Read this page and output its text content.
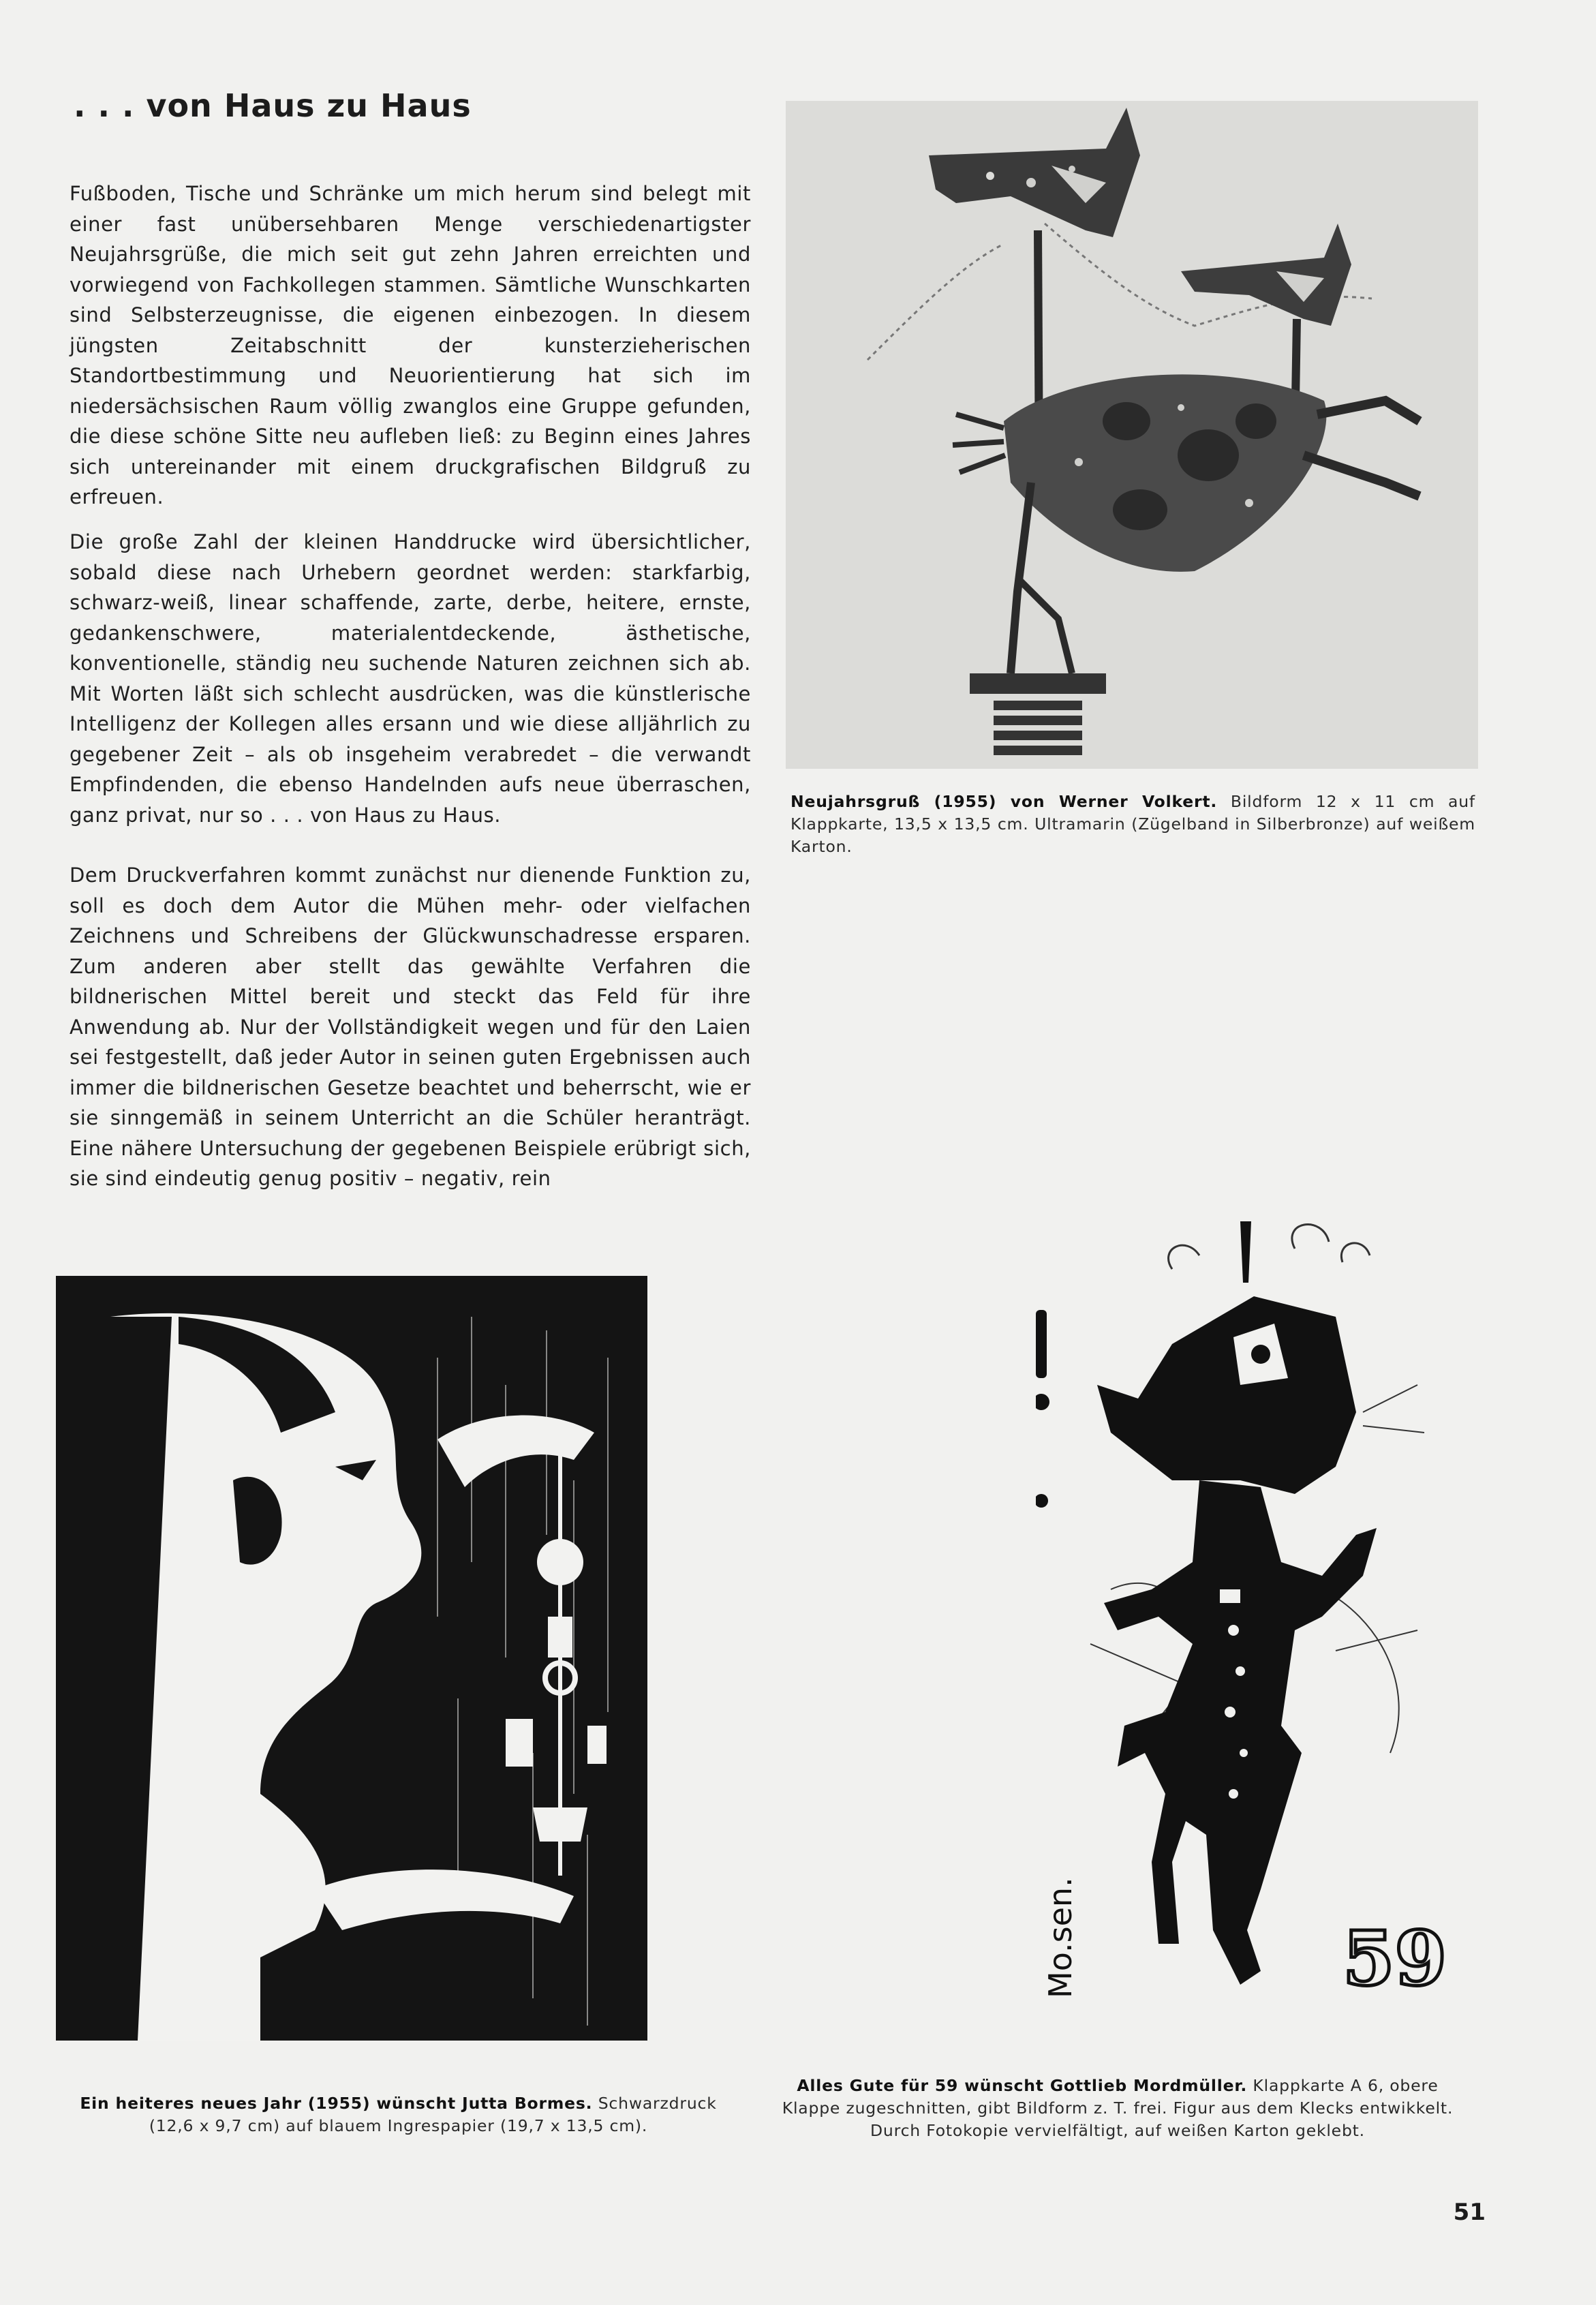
. . . von Haus zu Haus

Fußboden, Tische und Schränke um mich herum sind belegt mit einer fast unübersehbaren Menge verschiedenartigster Neujahrsgrüße, die mich seit gut zehn Jahren erreichten und vorwiegend von Fachkollegen stammen. Sämtliche Wunschkarten sind Selbsterzeugnisse, die eigenen einbezogen. In diesem jüngsten Zeitabschnitt der kunsterzieherischen Standortbestimmung und Neuorientierung hat sich im niedersächsischen Raum völlig zwanglos eine Gruppe gefunden, die diese schöne Sitte neu aufleben ließ: zu Beginn eines Jahres sich untereinander mit einem druckgrafischen Bildgruß zu erfreuen.

Die große Zahl der kleinen Handdrucke wird übersichtlicher, sobald diese nach Urhebern geordnet werden: starkfarbig, schwarz-weiß, linear schaffende, zarte, derbe, heitere, ernste, gedankenschwere, materialentdeckende, ästhetische, konventionelle, ständig neu suchende Naturen zeichnen sich ab. Mit Worten läßt sich schlecht ausdrücken, was die künstlerische Intelligenz der Kollegen alles ersann und wie diese alljährlich zu gegebener Zeit – als ob insgeheim verabredet – die verwandt Empfindenden, die ebenso Handelnden aufs neue überraschen, ganz privat, nur so . . . von Haus zu Haus.

Dem Druckverfahren kommt zunächst nur dienende Funktion zu, soll es doch dem Autor die Mühen mehr- oder vielfachen Zeichnens und Schreibens der Glückwunschadresse ersparen. Zum anderen aber stellt das gewählte Verfahren die bildnerischen Mittel bereit und steckt das Feld für ihre Anwendung ab. Nur der Vollständigkeit wegen und für den Laien sei festgestellt, daß jeder Autor in seinen guten Ergebnissen auch immer die bildnerischen Gesetze beachtet und beherrscht, wie er sie sinngemäß in seinem Unterricht an die Schüler heranträgt. Eine nähere Untersuchung der gegebenen Beispiele erübrigt sich, sie sind eindeutig genug positiv – negativ, rein

Neujahrsgruß (1955) von Werner Volkert. Bildform 12 x 11 cm auf Klappkarte, 13,5 x 13,5 cm. Ultramarin (Zügelband in Silberbronze) auf weißem Karton.

Ein heiteres neues Jahr (1955) wünscht Jutta Bormes. Schwarzdruck (12,6 x 9,7 cm) auf blauem Ingrespapier (19,7 x 13,5 cm).

Mo.sen.	59

Alles Gute für 59 wünscht Gottlieb Mordmüller. Klappkarte A 6, obere Klappe zugeschnitten, gibt Bildform z. T. frei. Figur aus dem Klecks entwikkelt. Durch Fotokopie vervielfältigt, auf weißen Karton geklebt.

51
